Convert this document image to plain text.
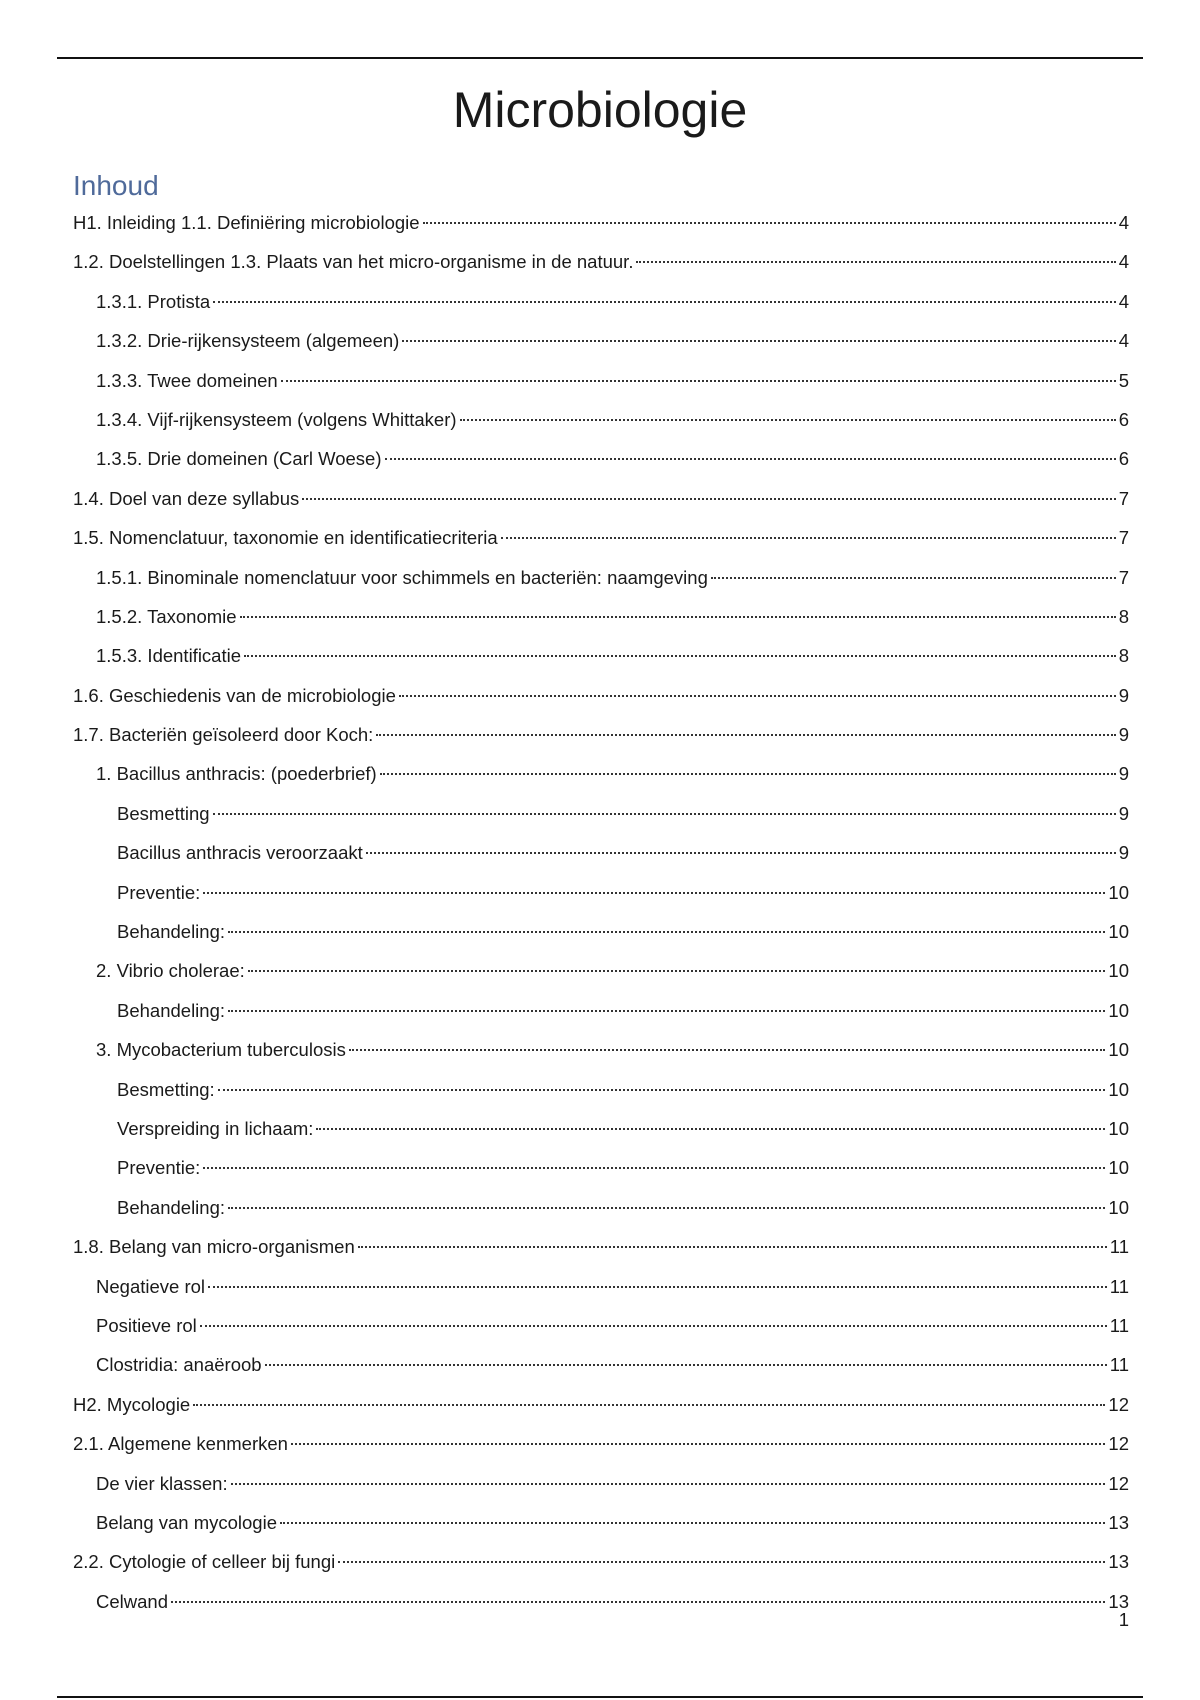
Microbiologie
Inhoud
H1. Inleiding 1.1. Definiëring microbiologie	4
1.2. Doelstellingen 1.3. Plaats van het micro-organisme in de natuur.	4
1.3.1. Protista	4
1.3.2. Drie-rijkensysteem (algemeen)	4
1.3.3. Twee domeinen	5
1.3.4. Vijf-rijkensysteem (volgens Whittaker)	6
1.3.5. Drie domeinen (Carl Woese)	6
1.4. Doel van deze syllabus	7
1.5. Nomenclatuur, taxonomie en identificatiecriteria	7
1.5.1. Binominale nomenclatuur voor schimmels en bacteriën: naamgeving	7
1.5.2. Taxonomie	8
1.5.3. Identificatie	8
1.6. Geschiedenis van de microbiologie	9
1.7. Bacteriën geïsoleerd door Koch:	9
1. Bacillus anthracis: (poederbrief)	9
Besmetting	9
Bacillus anthracis veroorzaakt	9
Preventie:	10
Behandeling:	10
2. Vibrio cholerae:	10
Behandeling:	10
3. Mycobacterium tuberculosis	10
Besmetting:	10
Verspreiding in lichaam:	10
Preventie:	10
Behandeling:	10
1.8. Belang van micro-organismen	11
Negatieve rol	11
Positieve rol	11
Clostridia: anaëroob	11
H2. Mycologie	12
2.1. Algemene kenmerken	12
De vier klassen:	12
Belang van mycologie	13
2.2. Cytologie of celleer bij fungi	13
Celwand	13
1
